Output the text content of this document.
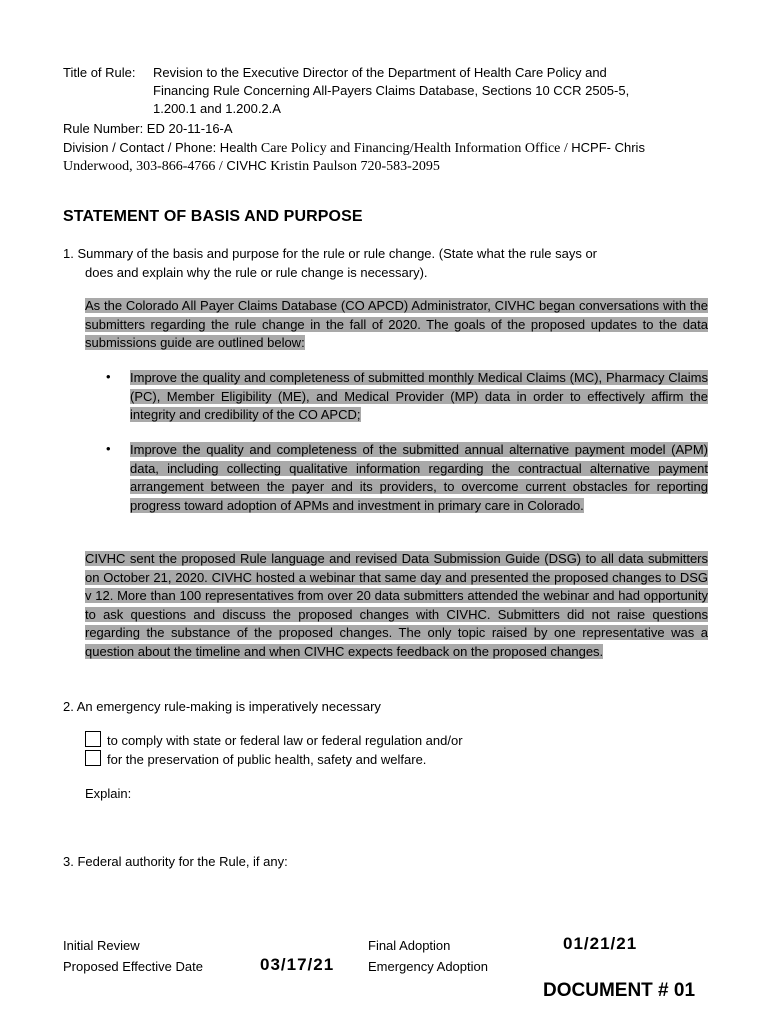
Title of Rule: Revision to the Executive Director of the Department of Health Care Policy and
Financing Rule Concerning All-Payers Claims Database, Sections 10 CCR 2505-5,
1.200.1 and 1.200.2.A
Rule Number: ED 20-11-16-A
Division / Contact / Phone: Health Care Policy and Financing/Health Information Office / HCPF- Chris
Underwood, 303-866-4766 / CIVHC Kristin Paulson 720-583-2095
STATEMENT OF BASIS AND PURPOSE
1. Summary of the basis and purpose for the rule or rule change. (State what the rule says or
does and explain why the rule or rule change is necessary).
As the Colorado All Payer Claims Database (CO APCD) Administrator, CIVHC began conversations with the submitters regarding the rule change in the fall of 2020. The goals of the proposed updates to the data submissions guide are outlined below:
• Improve the quality and completeness of submitted monthly Medical Claims (MC), Pharmacy Claims (PC), Member Eligibility (ME), and Medical Provider (MP) data in order to effectively affirm the integrity and credibility of the CO APCD;
• Improve the quality and completeness of the submitted annual alternative payment model (APM) data, including collecting qualitative information regarding the contractual alternative payment arrangement between the payer and its providers, to overcome current obstacles for reporting progress toward adoption of APMs and investment in primary care in Colorado.
CIVHC sent the proposed Rule language and revised Data Submission Guide (DSG) to all data submitters on October 21, 2020. CIVHC hosted a webinar that same day and presented the proposed changes to DSG v 12. More than 100 representatives from over 20 data submitters attended the webinar and had opportunity to ask questions and discuss the proposed changes with CIVHC. Submitters did not raise questions regarding the substance of the proposed changes. The only topic raised by one representative was a question about the timeline and when CIVHC expects feedback on the proposed changes.
2. An emergency rule-making is imperatively necessary
to comply with state or federal law or federal regulation and/or
for the preservation of public health, safety and welfare.
Explain:
3. Federal authority for the Rule, if any:
Initial Review
Proposed Effective Date	03/17/21
Final Adoption	01/21/21
Emergency Adoption
DOCUMENT # 01
